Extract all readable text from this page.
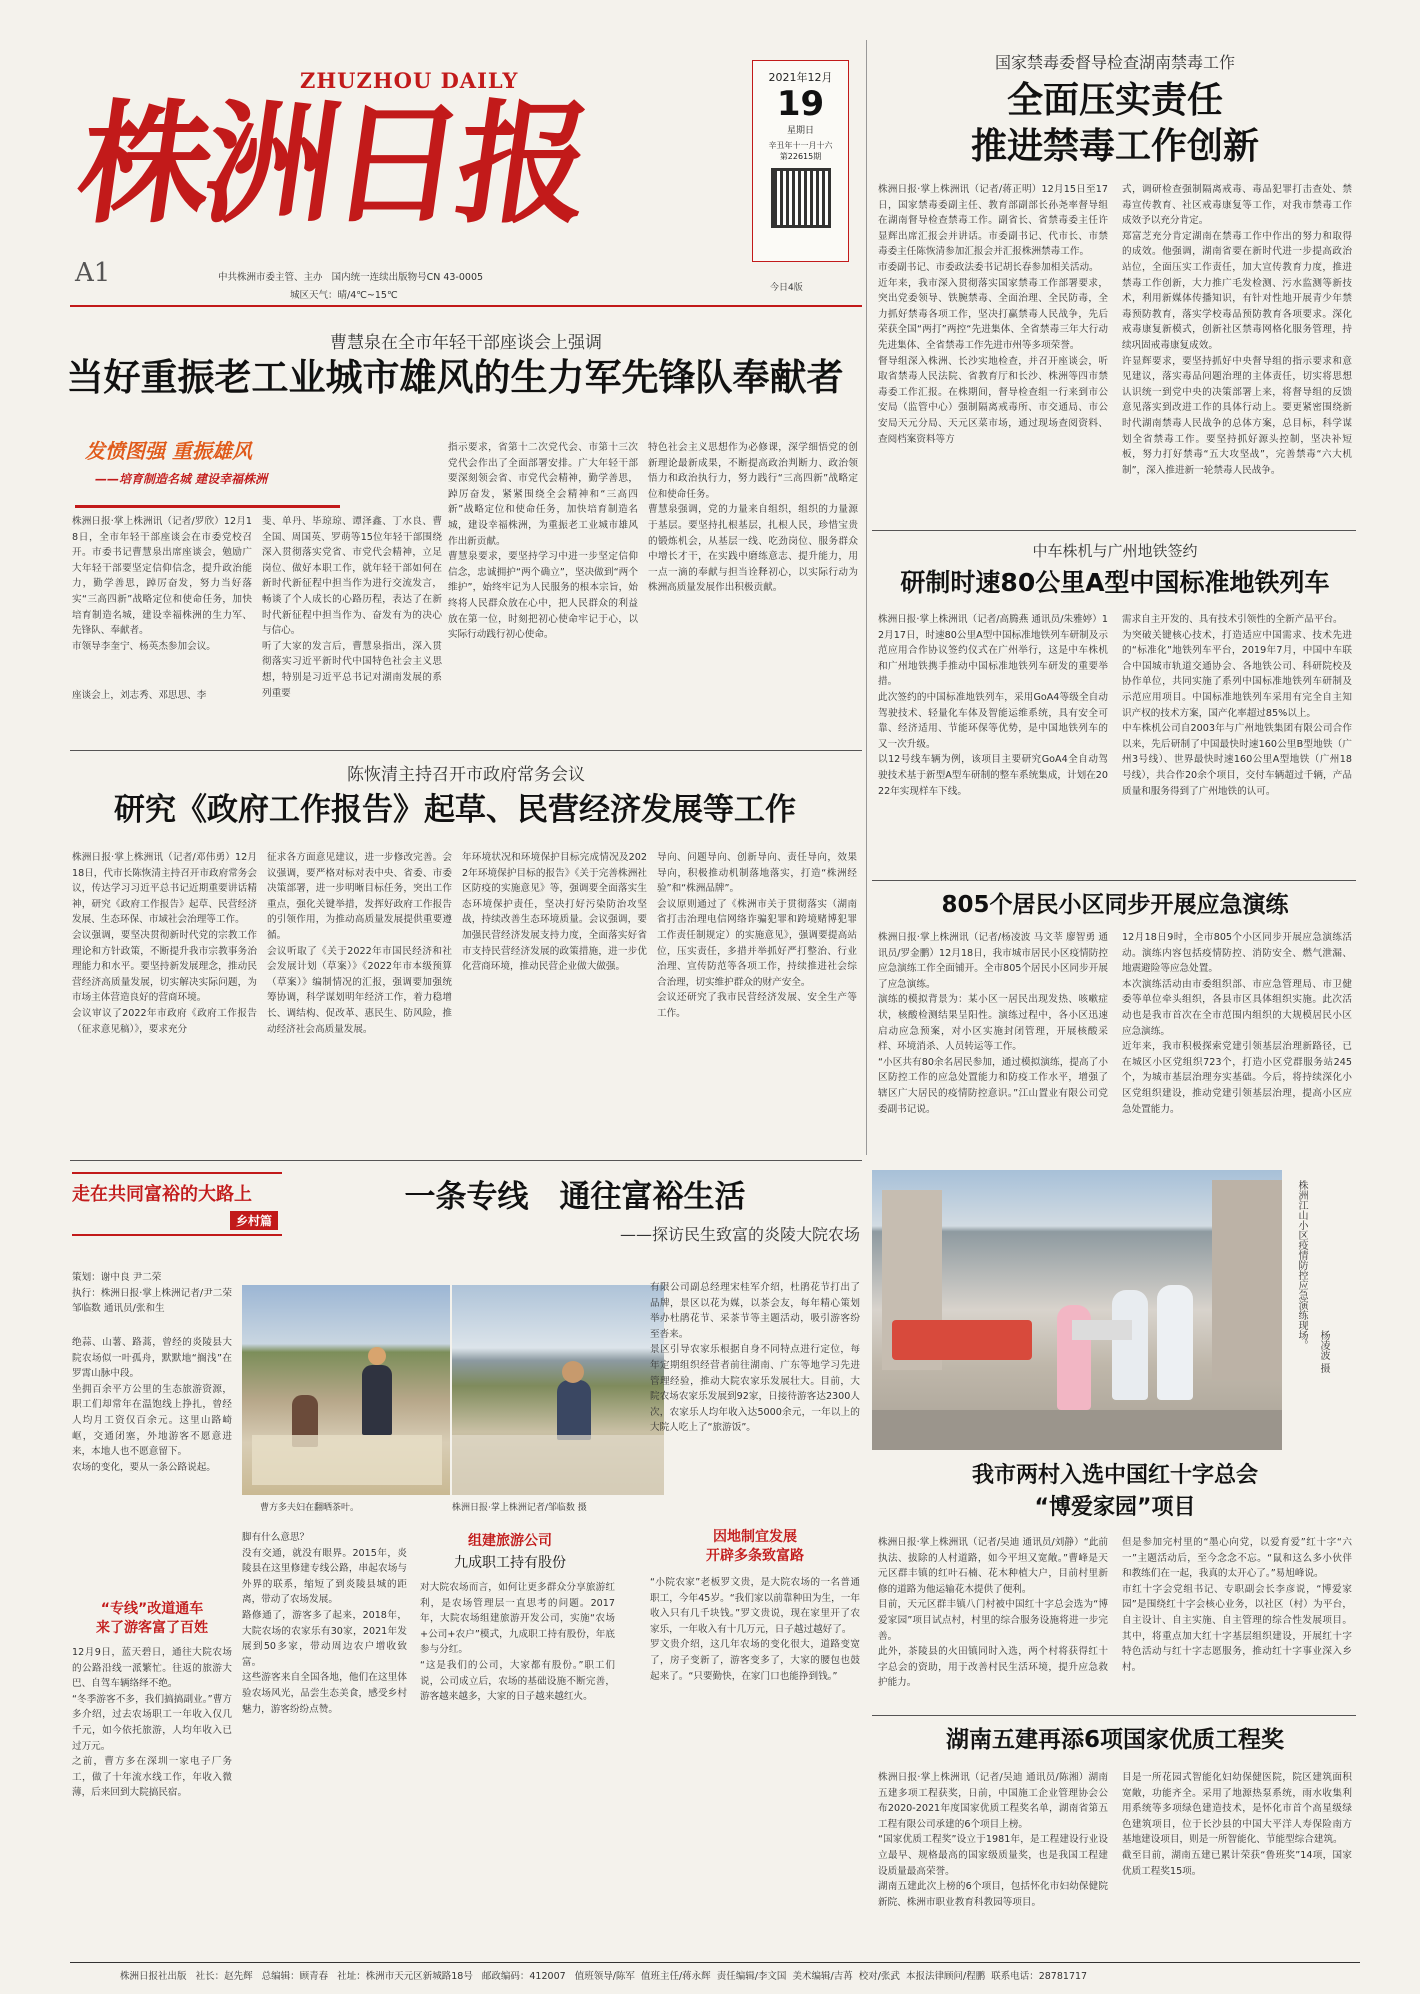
ZHUZHOU DAILY
株洲日报
A1
2021年12月
19
星期日
辛丑年十一月十六
第22615期
中共株洲市委主管、主办 国内统一连续出版物号CN 43-0005
城区天气：晴/4℃~15℃
今日4版
国家禁毒委督导检查湖南禁毒工作
全面压实责任
推进禁毒工作创新
株洲日报·掌上株洲讯（记者/蒋正明）12月15日至17日，国家禁毒委副主任、教育部副部长孙尧率督导组在湖南督导检查禁毒工作。副省长、省禁毒委主任许显辉出席汇报会并讲话。市委副书记、代市长、市禁毒委主任陈恢清参加汇报会并汇报株洲禁毒工作。
市委副书记、市委政法委书记胡长春参加相关活动。
近年来，我市深入贯彻落实国家禁毒工作部署要求，突出党委领导、铁腕禁毒、全面治理、全民防毒，全力抓好禁毒各项工作，坚决打赢禁毒人民战争，先后荣获全国“两打”两控“先进集体、全省禁毒三年大行动先进集体、全省禁毒工作先进市州等多项荣誉。
督导组深入株洲、长沙实地检查，并召开座谈会，听取省禁毒人民法院、省教育厅和长沙、株洲等四市禁毒委工作汇报。在株期间，督导检查组一行来到市公安局（监管中心）强制隔离戒毒所、市交通局、市公安局天元分局、天元区菜市场，通过现场查阅资料、查阅档案资料等方
式，调研检查强制隔离戒毒、毒品犯罪打击查处、禁毒宣传教育、社区戒毒康复等工作，对我市禁毒工作成效予以充分肯定。
郑富芝充分肯定湖南在禁毒工作中作出的努力和取得的成效。他强调，湖南省要在新时代进一步提高政治站位，全面压实工作责任，加大宣传教育力度，推进禁毒工作创新，大力推广毛发检测、污水监测等新技术，利用新媒体传播知识，有针对性地开展青少年禁毒预防教育，落实学校毒品预防教育各项要求。深化戒毒康复新模式，创新社区禁毒网格化服务管理，持续巩固戒毒康复成效。
许显辉要求，要坚持抓好中央督导组的指示要求和意见建议，落实毒品问题治理的主体责任，切实将思想认识统一到党中央的决策部署上来，将督导组的反馈意见落实到改进工作的具体行动上。要更紧密围绕新时代湖南禁毒人民战争的总体方案，总目标，科学谋划全省禁毒工作。要坚持抓好源头控制，坚决补短板，努力打好禁毒“五大攻坚战”，完善禁毒“六大机制”，深入推进新一轮禁毒人民战争。
曹慧泉在全市年轻干部座谈会上强调
当好重振老工业城市雄风的生力军先锋队奉献者
发愤图强 重振雄风
——培育制造名城 建设幸福株洲
株洲日报·掌上株洲讯（记者/罗欣）12月18日，全市年轻干部座谈会在市委党校召开。市委书记曹慧泉出席座谈会，勉励广大年轻干部要坚定信仰信念，提升政治能力，勤学善思，踔厉奋发，努力当好落实“三高四新”战略定位和使命任务，加快培育制造名城，建设幸福株洲的生力军、先锋队、奉献者。
市领导李奎宁、杨英杰参加会议。
座谈会上，刘志秀、邓思思、李
斐、单丹、毕琼琼、谭泽鑫、丁水良、曹全国、周国英、罗萌等15位年轻干部围绕深入贯彻落实党省、市党代会精神，立足岗位、做好本职工作，就年轻干部如何在新时代新征程中担当作为进行交流发言，畅谈了个人成长的心路历程，表达了在新时代新征程中担当作为、奋发有为的决心与信心。
听了大家的发言后，曹慧泉指出，深入贯彻落实习近平新时代中国特色社会主义思想，特别是习近平总书记对湖南发展的系列重要
指示要求，省第十二次党代会、市第十三次党代会作出了全面部署安排。广大年轻干部要深刻领会省、市党代会精神，勤学善思，踔厉奋发，紧紧围绕全会精神和“三高四新”战略定位和使命任务，加快培育制造名城，建设幸福株洲，为重振老工业城市雄风作出新贡献。
曹慧泉要求，要坚持学习中进一步坚定信仰信念，忠诚拥护“两个确立”，坚决做到“两个维护”，始终牢记为人民服务的根本宗旨，始终将人民群众放在心中，把人民群众的利益放在第一位，时刻把初心使命牢记于心，以实际行动践行初心使命。
特色社会主义思想作为必修课，深学细悟党的创新理论最新成果，不断提高政治判断力、政治领悟力和政治执行力，努力践行“三高四新”战略定位和使命任务。
曹慧泉强调，党的力量来自组织，组织的力量源于基层。要坚持扎根基层，扎根人民，珍惜宝贵的锻炼机会，从基层一线、吃劲岗位、服务群众中增长才干，在实践中磨练意志、提升能力，用一点一滴的奉献与担当诠释初心，以实际行动为株洲高质量发展作出积极贡献。
陈恢清主持召开市政府常务会议
研究《政府工作报告》起草、民营经济发展等工作
株洲日报·掌上株洲讯（记者/邓伟勇）12月18日，代市长陈恢清主持召开市政府常务会议，传达学习习近平总书记近期重要讲话精神，研究《政府工作报告》起草、民营经济发展、生态环保、市域社会治理等工作。
会议强调，要坚决贯彻新时代党的宗教工作理论和方针政策，不断提升我市宗教事务治理能力和水平。要坚持新发展理念，推动民营经济高质量发展，切实解决实际问题，为市场主体营造良好的营商环境。
会议审议了2022年市政府《政府工作报告（征求意见稿）》，要求充分
征求各方面意见建议，进一步修改完善。会议强调，要严格对标对表中央、省委、市委决策部署，进一步明晰目标任务，突出工作重点，强化关键举措，发挥好政府工作报告的引领作用，为推动高质量发展提供重要遵循。
会议听取了《关于2022年市国民经济和社会发展计划（草案）》《2022年市本级预算（草案）》编制情况的汇报，强调要加强统筹协调，科学谋划明年经济工作，着力稳增长、调结构、促改革、惠民生、防风险，推动经济社会高质量发展。
年环境状况和环境保护目标完成情况及2022年环境保护目标的报告》《关于完善株洲社区防疫的实施意见》等，强调要全面落实生态环境保护责任，坚决打好污染防治攻坚战，持续改善生态环境质量。会议强调，要加强民营经济发展支持力度，全面落实好省市支持民营经济发展的政策措施，进一步优化营商环境，推动民营企业做大做强。
导向、问题导向、创新导向、责任导向，效果导向，积极推动机制落地落实，打造“株洲经验”和“株洲品牌”。
会议原则通过了《株洲市关于贯彻落实（湖南省打击治理电信网络诈骗犯罪和跨境赌博犯罪工作责任制规定）的实施意见》，强调要提高站位，压实责任，多措并举抓好严打整治、行业治理、宣传防范等各项工作，持续推进社会综合治理，切实维护群众的财产安全。
会议还研究了我市民营经济发展、安全生产等工作。
中车株机与广州地铁签约
研制时速80公里A型中国标准地铁列车
株洲日报·掌上株洲讯（记者/高腾燕 通讯员/朱雅婷）12月17日，时速80公里A型中国标准地铁列车研制及示范应用合作协议签约仪式在广州举行，这是中车株机和广州地铁携手推动中国标准地铁列车研发的重要举措。
此次签约的中国标准地铁列车，采用GoA4等级全自动驾驶技术、轻量化车体及智能运维系统，具有安全可靠、经济适用、节能环保等优势，是中国地铁列车的又一次升级。
以12号线车辆为例，该项目主要研究GoA4全自动驾驶技术基于新型A型车研制的整车系统集成，计划在2022年实现样车下线。
需求自主开发的、具有技术引领性的全新产品平台。
为突破关键核心技术，打造适应中国需求、技术先进的“标准化”地铁列车平台，2019年7月，中国中车联合中国城市轨道交通协会、各地铁公司、科研院校及协作单位，共同实施了系列中国标准地铁列车研制及示范应用项目。中国标准地铁列车采用有完全自主知识产权的技术方案，国产化率超过85%以上。
中车株机公司自2003年与广州地铁集团有限公司合作以来，先后研制了中国最快时速160公里B型地铁（广州3号线）、世界最快时速160公里A型地铁（广州18号线），共合作20余个项目，交付车辆超过千辆，产品质量和服务得到了广州地铁的认可。
805个居民小区同步开展应急演练
株洲日报·掌上株洲讯（记者/杨凌波 马文莘 廖智勇 通讯员/罗金鹏）12月18日，我市城市居民小区疫情防控应急演练工作全面铺开。全市805个居民小区同步开展了应急演练。
演练的模拟背景为：某小区一居民出现发热、咳嗽症状，核酸检测结果呈阳性。演练过程中，各小区迅速启动应急预案，对小区实施封闭管理，开展核酸采样、环境消杀、人员转运等工作。
“小区共有80余名居民参加，通过模拟演练，提高了小区防控工作的应急处置能力和防疫工作水平，增强了辖区广大居民的疫情防控意识。”江山置业有限公司党委副书记说。
12月18日9时，全市805个小区同步开展应急演练活动。演练内容包括疫情防控、消防安全、燃气泄漏、地震避险等应急处置。
本次演练活动由市委组织部、市应急管理局、市卫健委等单位牵头组织，各县市区具体组织实施。此次活动也是我市首次在全市范围内组织的大规模居民小区应急演练。
近年来，我市积极探索党建引领基层治理新路径，已在城区小区党组织723个，打造小区党群服务站245个，为城市基层治理夯实基础。今后，将持续深化小区党组织建设，推动党建引领基层治理，提高小区应急处置能力。
走在共同富裕的大路上
乡村篇
一条专线　通往富裕生活
——探访民生致富的炎陵大院农场
策划：谢中良 尹二荣
执行：株洲日报·掌上株洲记者/尹二荣 邹临数 通讯员/张和生
绝蒜、山薯、路蒿，曾经的炎陵县大院农场似一叶孤舟，默默地“搁浅”在罗霄山脉中段。
坐拥百余平方公里的生态旅游资源，职工们却常年在温饱线上挣扎，曾经人均月工资仅百余元。这里山路崎岖，交通闭塞，外地游客不愿意进来，本地人也不愿意留下。
农场的变化，要从一条公路说起。
“专线”改道通车
来了游客富了百姓
12月9日，蓝天碧日，通往大院农场的公路沿线一派繁忙。往返的旅游大巴、自驾车辆络绎不绝。
“冬季游客不多，我们搞搞副业。”曹方多介绍，过去农场职工一年收入仅几千元，如今依托旅游，人均年收入已过万元。
之前，曹方多在深圳一家电子厂务工，做了十年流水线工作，年收入微薄，后来回到大院搞民宿。
曹方多夫妇在翻晒茶叶。	株洲日报·掌上株洲记者/邹临数 摄
脚有什么意思？
没有交通，就没有眼界。2015年，炎陵县在这里修建专线公路，串起农场与外界的联系，缩短了到炎陵县城的距离，带动了农场发展。
路修通了，游客多了起来，2018年，大院农场的农家乐有30家，2021年发展到50多家，带动周边农户增收致富。
这些游客来自全国各地，他们在这里体验农场风光，品尝生态美食，感受乡村魅力，游客纷纷点赞。
组建旅游公司
九成职工持有股份
对大院农场而言，如何让更多群众分享旅游红利，是农场管理层一直思考的问题。2017年，大院农场组建旅游开发公司，实施“农场+公司+农户”模式，九成职工持有股份，年底参与分红。
“这是我们的公司，大家都有股份。”职工们说，公司成立后，农场的基础设施不断完善，游客越来越多，大家的日子越来越红火。
有限公司副总经理宋桂军介绍，杜鹃花节打出了品牌，景区以花为媒，以茶会友，每年精心策划举办杜鹃花节、采茶节等主题活动，吸引游客纷至沓来。
景区引导农家乐根据自身不同特点进行定位，每年定期组织经营者前往湖南、广东等地学习先进管理经验，推动大院农家乐发展壮大。目前，大院农场农家乐发展到92家，日接待游客达2300人次，农家乐人均年收入达5000余元，一年以上的大院人吃上了“旅游饭”。
因地制宜发展
开辟多条致富路
“小院农家”老板罗文贵，是大院农场的一名普通职工，今年45岁。“我们家以前靠种田为生，一年收入只有几千块钱。”罗文贵说，现在家里开了农家乐，一年收入有十几万元，日子越过越好了。
罗文贵介绍，这几年农场的变化很大，道路变宽了，房子变新了，游客变多了，大家的腰包也鼓起来了。“只要勤快，在家门口也能挣到钱。”
株洲江山小区疫情防控应急演练现场。
杨凌波 摄
我市两村入选中国红十字总会
“博爱家园”项目
株洲日报·掌上株洲讯（记者/吴迪 通讯员/刘静）“此前执法、拔除的人村道路，如今平坦又宽敞。”曹峰是天元区群丰镇的红叶石楠、花木种植大户，目前村里新修的道路为他运输花木提供了便利。
目前，天元区群丰镇八门村被中国红十字总会选为“博爱家园”项目试点村，村里的综合服务设施将进一步完善。
此外，茶陵县的火田镇同时入选，两个村将获得红十字总会的资助，用于改善村民生活环境，提升应急救护能力。
但是参加完村里的“墨心向党，以爱育爱”红十字“六一”主题活动后，至今念念不忘。“鼠和这么多小伙伴和教练们在一起，我真的太开心了。”易旭峰说。
市红十字会党组书记、专职副会长李彦说，“博爱家园”是围绕红十字会核心业务，以社区（村）为平台，自主设计、自主实施、自主管理的综合性发展项目。其中，将重点加大红十字基层组织建设，开展红十字特色活动与红十字志愿服务，推动红十字事业深入乡村。
湖南五建再添6项国家优质工程奖
株洲日报·掌上株洲讯（记者/吴迪 通讯员/陈湘）湖南五建多项工程获奖，日前，中国施工企业管理协会公布2020-2021年度国家优质工程奖名单，湖南省第五工程有限公司承建的6个项目上榜。
“国家优质工程奖”设立于1981年，是工程建设行业设立最早、规格最高的国家级质量奖，也是我国工程建设质量最高荣誉。
湖南五建此次上榜的6个项目，包括怀化市妇幼保健院新院、株洲市职业教育科教园等项目。
目是一所花园式智能化妇幼保健医院，院区建筑面积宽敞，功能齐全。采用了地源热泵系统，雨水收集利用系统等多项绿色建造技术，是怀化市首个高星级绿色建筑项目，位于长沙县的中国大平洋人寿保险南方基地建设项目，则是一所智能化、节能型综合建筑。
截至目前，湖南五建已累计荣获“鲁班奖”14项，国家优质工程奖15项。
株洲日报社出版 社长：赵先辉 总编辑：顾青春 社址：株洲市天元区新城路18号 邮政编码：412007 值班领导/陈军 值班主任/蒋永辉 责任编辑/李文国 美术编辑/吉苒 校对/张武 本报法律顾问/程鹏 联系电话：28781717
